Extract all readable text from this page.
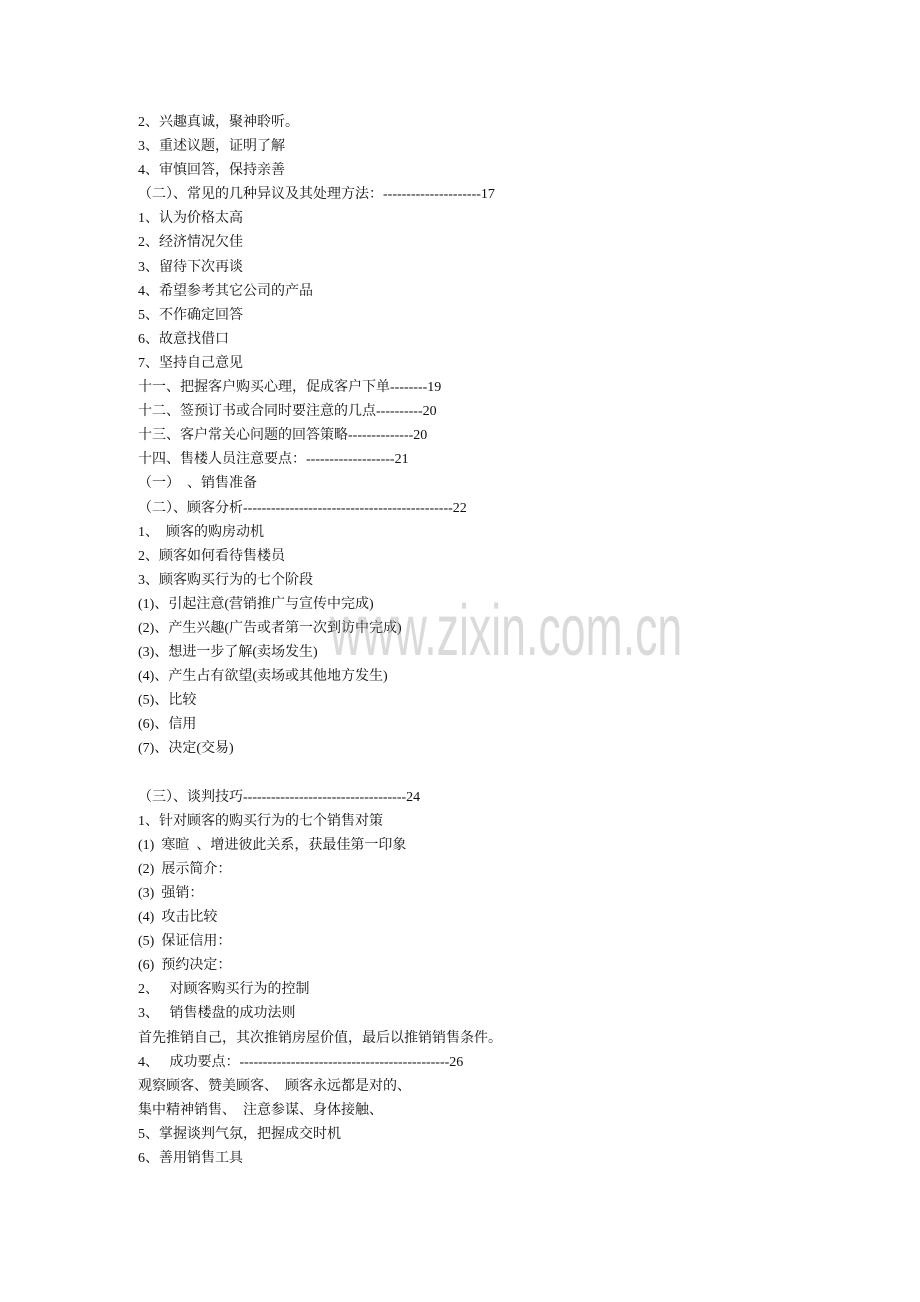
2、兴趣真诚，聚神聆听。
3、重述议题，证明了解
4、审慎回答，保持亲善
（二）、常见的几种异议及其处理方法：---------------------17
1、认为价格太高
2、经济情况欠佳
3、留待下次再谈
4、希望参考其它公司的产品
5、不作确定回答
6、故意找借口
7、坚持自己意见
十一、把握客户购买心理，促成客户下单--------19
十二、签预订书或合同时要注意的几点----------20
十三、客户常关心问题的回答策略--------------20
十四、售楼人员注意要点：-------------------21
（一）  、销售准备
（二）、顾客分析---------------------------------------------22
1、  顾客的购房动机
2、顾客如何看待售楼员
3、顾客购买行为的七个阶段
(1)、引起注意(营销推广与宣传中完成)
(2)、产生兴趣(广告或者第一次到访中完成)
(3)、想进一步了解(卖场发生)
(4)、产生占有欲望(卖场或其他地方发生)
(5)、比较
(6)、信用
(7)、决定(交易)
（三）、谈判技巧-----------------------------------24
1、针对顾客的购买行为的七个销售对策
(1)  寒暄  、增进彼此关系，获最佳第一印象
(2)  展示简介：
(3)  强销：
(4)  攻击比较
(5)  保证信用：
(6)  预约决定：
2、   对顾客购买行为的控制
3、   销售楼盘的成功法则
首先推销自己，其次推销房屋价值，最后以推销销售条件。
4、   成功要点：---------------------------------------------26
观察顾客、赞美顾客、  顾客永远都是对的、
集中精神销售、  注意参谋、身体接触、
5、掌握谈判气氛，把握成交时机
6、善用销售工具
www.zixin.com.cn
